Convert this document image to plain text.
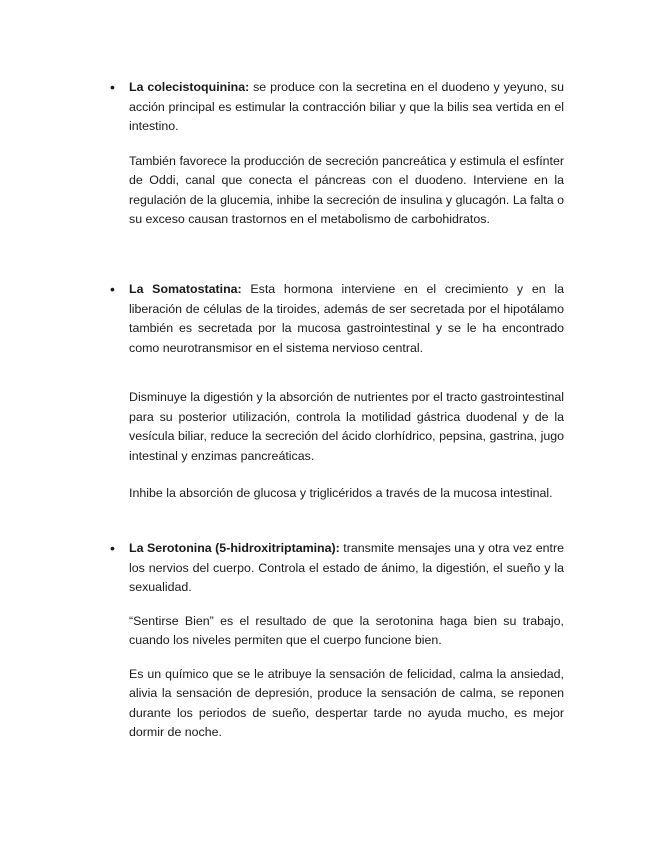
•	La colecistoquinina: se produce con la secretina en el duodeno y yeyuno, su acción principal es estimular la contracción biliar y que la bilis sea vertida en el intestino.

También favorece la producción de secreción pancreática y estimula el esfínter de Oddi, canal que conecta el páncreas con el duodeno. Interviene en la regulación de la glucemia, inhibe la secreción de insulina y glucagón. La falta o su exceso causan trastornos en el metabolismo de carbohidratos.

•	La Somatostatina: Esta hormona interviene en el crecimiento y en la liberación de células de la tiroides, además de ser secretada por el hipotálamo también es secretada por la mucosa gastrointestinal y se le ha encontrado como neurotransmisor en el sistema nervioso central.

Disminuye la digestión y la absorción de nutrientes por el tracto gastrointestinal para su posterior utilización, controla la motilidad gástrica duodenal y de la vesícula biliar, reduce la secreción del ácido clorhídrico, pepsina, gastrina, jugo intestinal y enzimas pancreáticas.

Inhibe la absorción de glucosa y triglicéridos a través de la mucosa intestinal.

•	La Serotonina (5-hidroxitriptamina): transmite mensajes una y otra vez entre los nervios del cuerpo. Controla el estado de ánimo, la digestión, el sueño y la sexualidad.

“Sentirse Bien” es el resultado de que la serotonina haga bien su trabajo, cuando los niveles permiten que el cuerpo funcione bien.

Es un químico que se le atribuye la sensación de felicidad, calma la ansiedad, alivia la sensación de depresión, produce la sensación de calma, se reponen durante los periodos de sueño, despertar tarde no ayuda mucho, es mejor dormir de noche.
